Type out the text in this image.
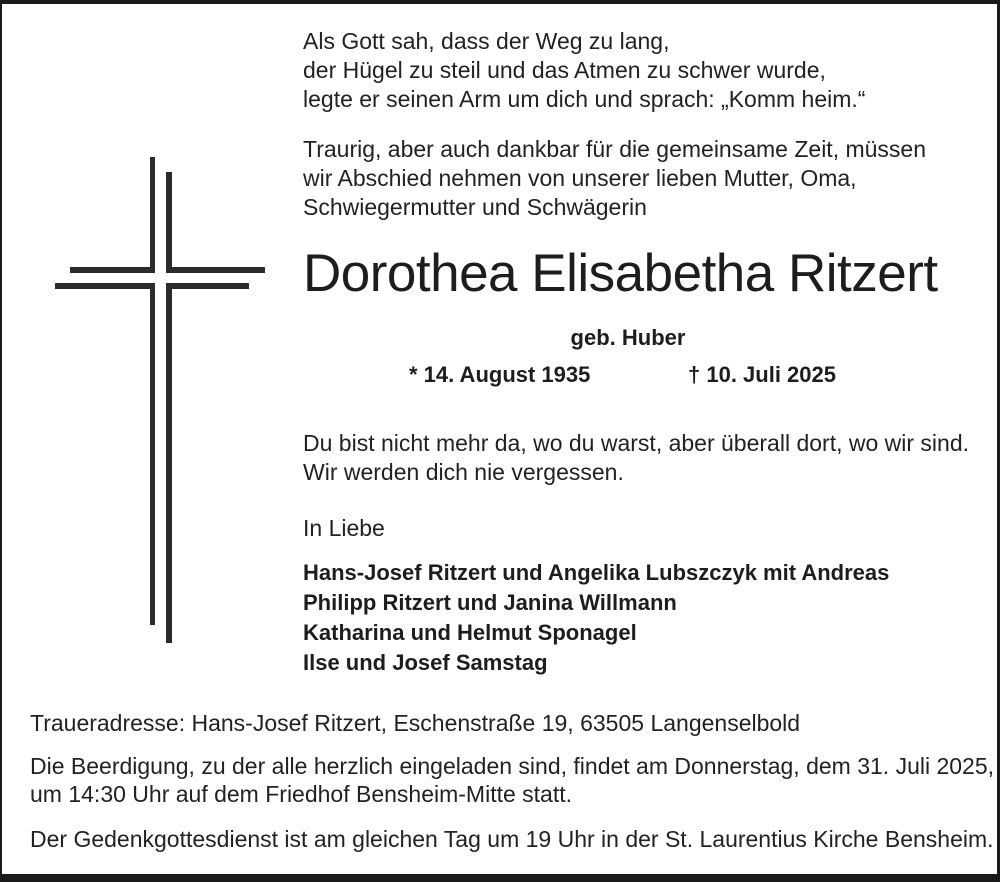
Als Gott sah, dass der Weg zu lang,
der Hügel zu steil und das Atmen zu schwer wurde,
legte er seinen Arm um dich und sprach: „Komm heim.“
Traurig, aber auch dankbar für die gemeinsame Zeit, müssen
wir Abschied nehmen von unserer lieben Mutter, Oma,
Schwiegermutter und Schwägerin
Dorothea Elisabetha Ritzert
geb. Huber
* 14. August 1935	† 10. Juli 2025
Du bist nicht mehr da, wo du warst, aber überall dort, wo wir sind.
Wir werden dich nie vergessen.
In Liebe
Hans-Josef Ritzert und Angelika Lubszczyk mit Andreas
Philipp Ritzert und Janina Willmann
Katharina und Helmut Sponagel
Ilse und Josef Samstag
Traueradresse: Hans-Josef Ritzert, Eschenstraße 19, 63505 Langenselbold
Die Beerdigung, zu der alle herzlich eingeladen sind, findet am Donnerstag, dem 31. Juli 2025,
um 14:30 Uhr auf dem Friedhof Bensheim-Mitte statt.
Der Gedenkgottesdienst ist am gleichen Tag um 19 Uhr in der St. Laurentius Kirche Bensheim.
